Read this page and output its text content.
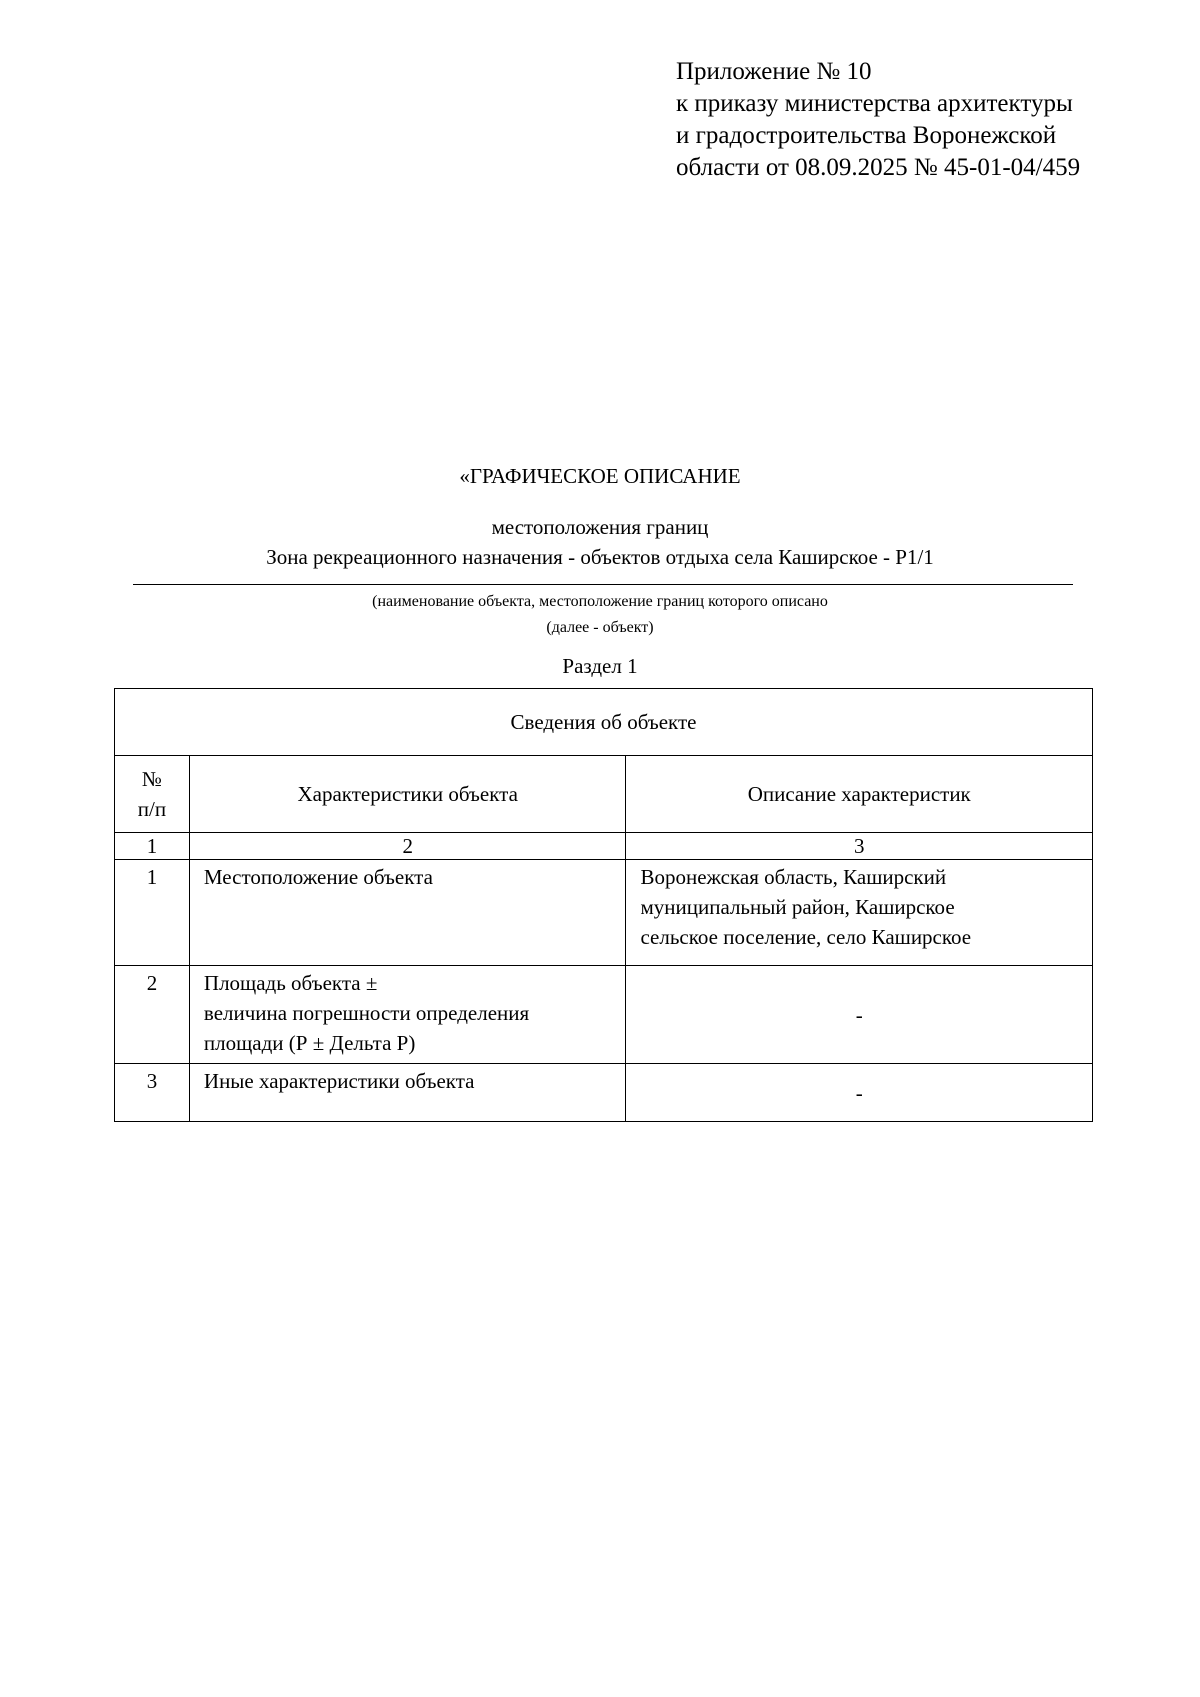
Приложение № 10
к приказу министерства архитектуры
и градостроительства Воронежской
области от 08.09.2025 № 45-01-04/459
«ГРАФИЧЕСКОЕ ОПИСАНИЕ
местоположения границ
Зона рекреационного назначения - объектов отдыха села Каширское - Р1/1
(наименование объекта, местоположение границ которого описано
(далее - объект)
Раздел 1
Сведения об объекте		

№
п/п	Характеристики объекта	Описание характеристик
1	2	3
1	Местоположение объекта	Воронежская область, Каширский
муниципальный район, Каширское
сельское поселение, село Каширское

2	Площадь объекта ±
величина погрешности определения
площади (Р ± Дельта Р)	-

3	Иные характеристики объекта	-
